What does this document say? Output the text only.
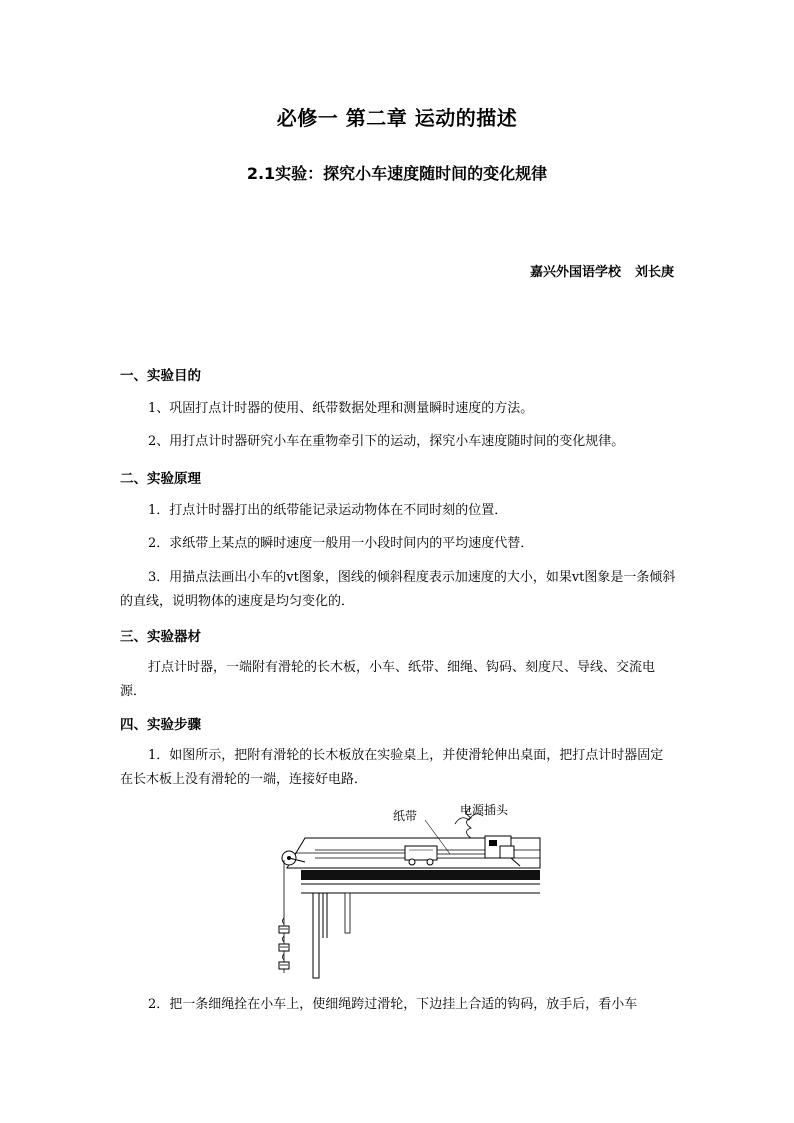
必修一 第二章 运动的描述
2.1实验：探究小车速度随时间的变化规律
嘉兴外国语学校 刘长庚
一、实验目的
1、巩固打点计时器的使用、纸带数据处理和测量瞬时速度的方法。
2、用打点计时器研究小车在重物牵引下的运动，探究小车速度随时间的变化规律。
二、实验原理
1．打点计时器打出的纸带能记录运动物体在不同时刻的位置．
2．求纸带上某点的瞬时速度一般用一小段时间内的平均速度代替．
3．用描点法画出小车的vt图象，图线的倾斜程度表示加速度的大小，如果vt图象是一条倾斜的直线，说明物体的速度是均匀变化的．
三、实验器材
打点计时器，一端附有滑轮的长木板，小车、纸带、细绳、钩码、刻度尺、导线、交流电源．
四、实验步骤
1．如图所示，把附有滑轮的长木板放在实验桌上，并使滑轮伸出桌面，把打点计时器固定在长木板上没有滑轮的一端，连接好电路．
纸带	电源插头
2．把一条细绳拴在小车上，使细绳跨过滑轮，下边挂上合适的钩码，放手后，看小车
